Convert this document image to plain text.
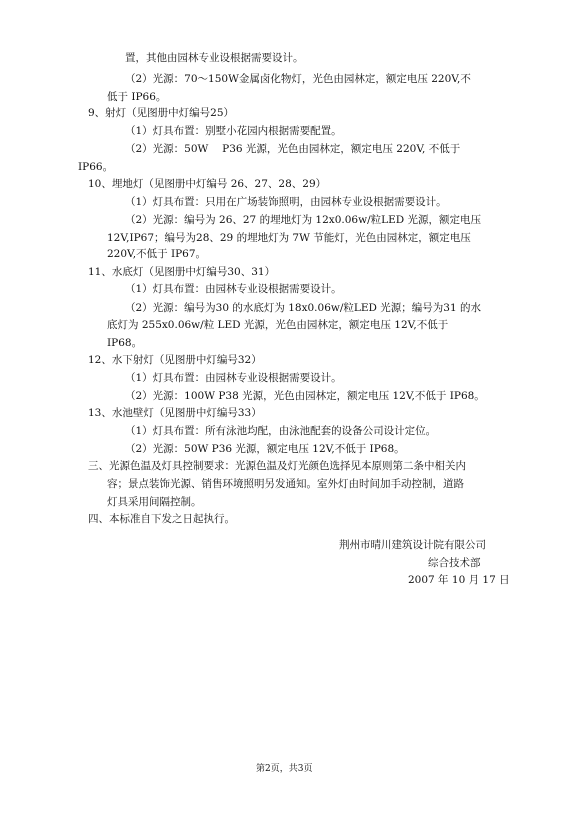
置，其他由园林专业设根据需要设计。
（2）光源：70～150W金属卤化物灯，光色由园林定，额定电压 220V,不
低于 IP66。
9、射灯（见图册中灯编号25）
（1）灯具布置：别墅小花园内根据需要配置。
（2）光源：50W　 P36 光源，光色由园林定，额定电压 220V, 不低于
IP66。
10、埋地灯（见图册中灯编号 26、27、28、29）
（1）灯具布置：只用在广场装饰照明，由园林专业设根据需要设计。
（2）光源：编号为 26、27 的埋地灯为 12x0.06w/粒LED 光源，额定电压
12V,IP67；编号为28、29 的埋地灯为 7W 节能灯，光色由园林定，额定电压
220V,不低于 IP67。
11、水底灯（见图册中灯编号30、31）
（1）灯具布置：由园林专业设根据需要设计。
（2）光源：编号为30 的水底灯为 18x0.06w/粒LED 光源；编号为31 的水
底灯为 255x0.06w/粒 LED 光源，光色由园林定，额定电压 12V,不低于
IP68。
12、水下射灯（见图册中灯编号32）
（1）灯具布置：由园林专业设根据需要设计。
（2）光源：100W P38 光源，光色由园林定，额定电压 12V,不低于 IP68。
13、水池壁灯（见图册中灯编号33）
（1）灯具布置：所有泳池均配，由泳池配套的设备公司设计定位。
（2）光源：50W P36 光源，额定电压 12V,不低于 IP68。
三、光源色温及灯具控制要求：光源色温及灯光颜色选择见本原则第二条中相关内
容；景点装饰光源、销售环境照明另发通知。室外灯由时间加手动控制，道路
灯具采用间隔控制。
四、本标准自下发之日起执行。
荆州市晴川建筑设计院有限公司
综合技术部
2007 年 10 月 17 日
第2页，共3页
